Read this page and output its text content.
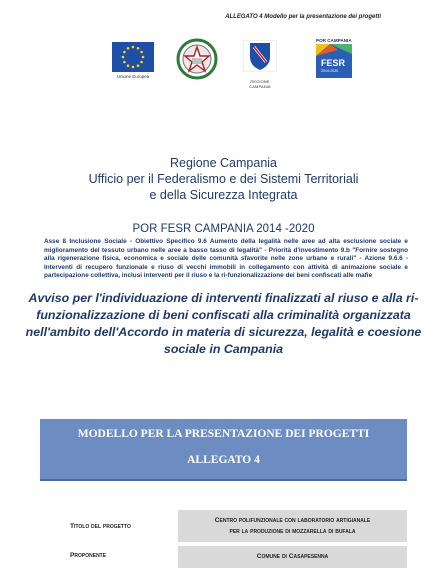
ALLEGATO 4 Modello per la presentazione dei progetti
Unione Europea
REGIONE CAMPANIA
POR CAMPANIA
FESR
2014-2020
Regione Campania
Ufficio per il Federalismo e dei Sistemi Territoriali
e della Sicurezza Integrata
POR FESR CAMPANIA 2014 -2020
Asse 8 Inclusione Sociale - Obiettivo Specifico 9.6 Aumento della legalità nelle aree ad alta esclusione sociale e miglioramento del tessuto urbano nelle aree a basso tasso di legalità" - Priorità d'investimento 9.b "Fornire sostegno alla rigenerazione fisica, economica e sociale delle comunità sfavorite nelle zone urbane e rurali" - Azione 9.6.6 - Interventi di recupero funzionale e riuso di vecchi immobili in collegamento con attività di animazione sociale e partecipazione collettiva, inclusi interventi per il riuso e la ri-funzionalizzazione dei beni confiscati alle mafie
Avviso per l'individuazione di interventi finalizzati al riuso e alla ri-funzionalizzazione di beni confiscati alla criminalità organizzata nell'ambito dell'Accordo in materia di sicurezza, legalità e coesione sociale in Campania
MODELLO PER LA PRESENTAZIONE DEI PROGETTI
ALLEGATO 4
Titolo del progetto
Centro polifunzionale con laboratorio artigianale
per la produzione di mozzarella di bufala
Proponente	Comune di Casapesenna
